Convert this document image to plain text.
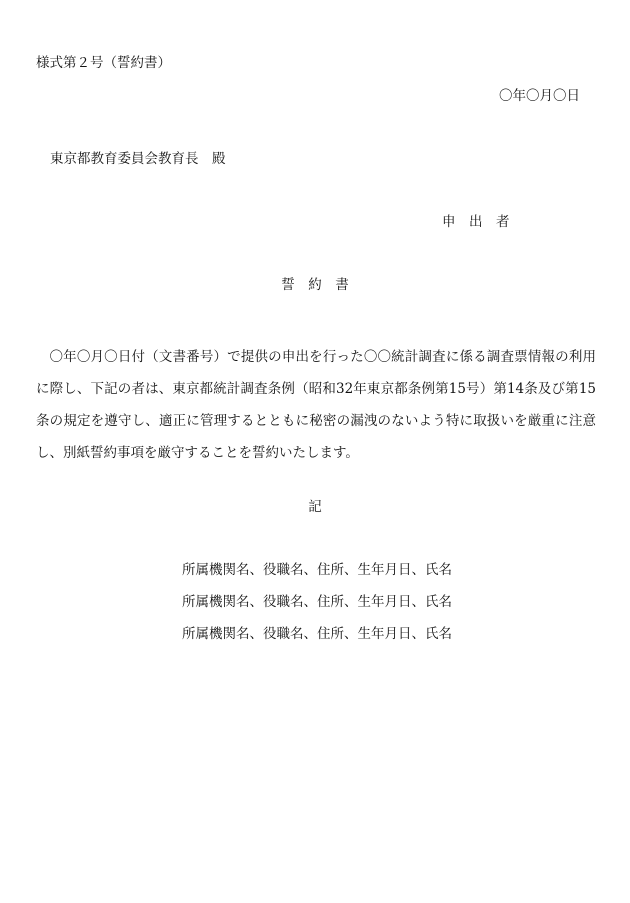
様式第２号（誓約書）
〇年〇月〇日
東京都教育委員会教育長　殿
申　出　者
誓　約　書
〇年〇月〇日付（文書番号）で提供の申出を行った〇〇統計調査に係る調査票情報の利用に際し、下記の者は、東京都統計調査条例（昭和32年東京都条例第15号）第14条及び第15条の規定を遵守し、適正に管理するとともに秘密の漏洩のないよう特に取扱いを厳重に注意し、別紙誓約事項を厳守することを誓約いたします。
記
所属機関名、役職名、住所、生年月日、氏名
所属機関名、役職名、住所、生年月日、氏名
所属機関名、役職名、住所、生年月日、氏名
